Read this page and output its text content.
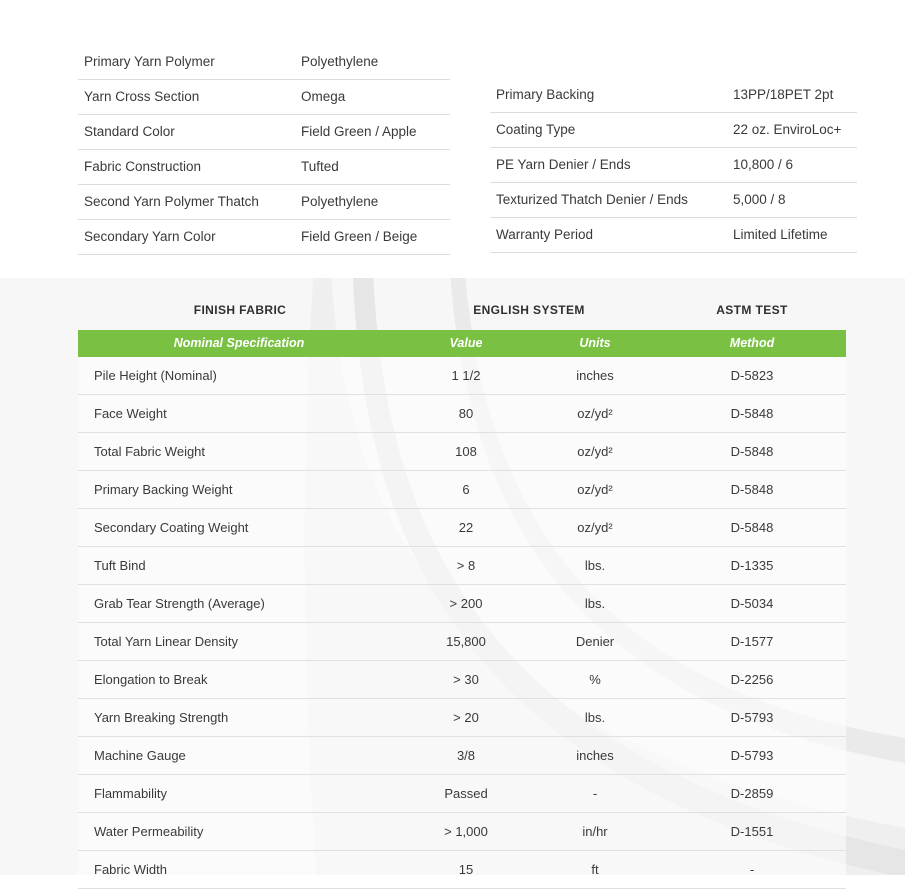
Primary Yarn Polymer	Polyethylene
Yarn Cross Section	Omega
Standard Color	Field Green / Apple
Fabric Construction	Tufted
Second Yarn Polymer Thatch	Polyethylene
Secondary Yarn Color	Field Green / Beige
Primary Backing	13PP/18PET 2pt
Coating Type	22 oz. EnviroLoc+
PE Yarn Denier / Ends	10,800 / 6
Texturized Thatch Denier / Ends	5,000 / 8
Warranty Period	Limited Lifetime
FINISH FABRIC	ENGLISH SYSTEM	ASTM TEST
Nominal Specification	Value	Units	Method
Pile Height (Nominal)	1 1/2	inches	D-5823
Face Weight	80	oz/yd²	D-5848
Total Fabric Weight	108	oz/yd²	D-5848
Primary Backing Weight	6	oz/yd²	D-5848
Secondary Coating Weight	22	oz/yd²	D-5848
Tuft Bind	> 8	lbs.	D-1335
Grab Tear Strength (Average)	> 200	lbs.	D-5034
Total Yarn Linear Density	15,800	Denier	D-1577
Elongation to Break	> 30	%	D-2256
Yarn Breaking Strength	> 20	lbs.	D-5793
Machine Gauge	3/8	inches	D-5793
Flammability	Passed	-	D-2859
Water Permeability	> 1,000	in/hr	D-1551
Fabric Width	15	ft	-
